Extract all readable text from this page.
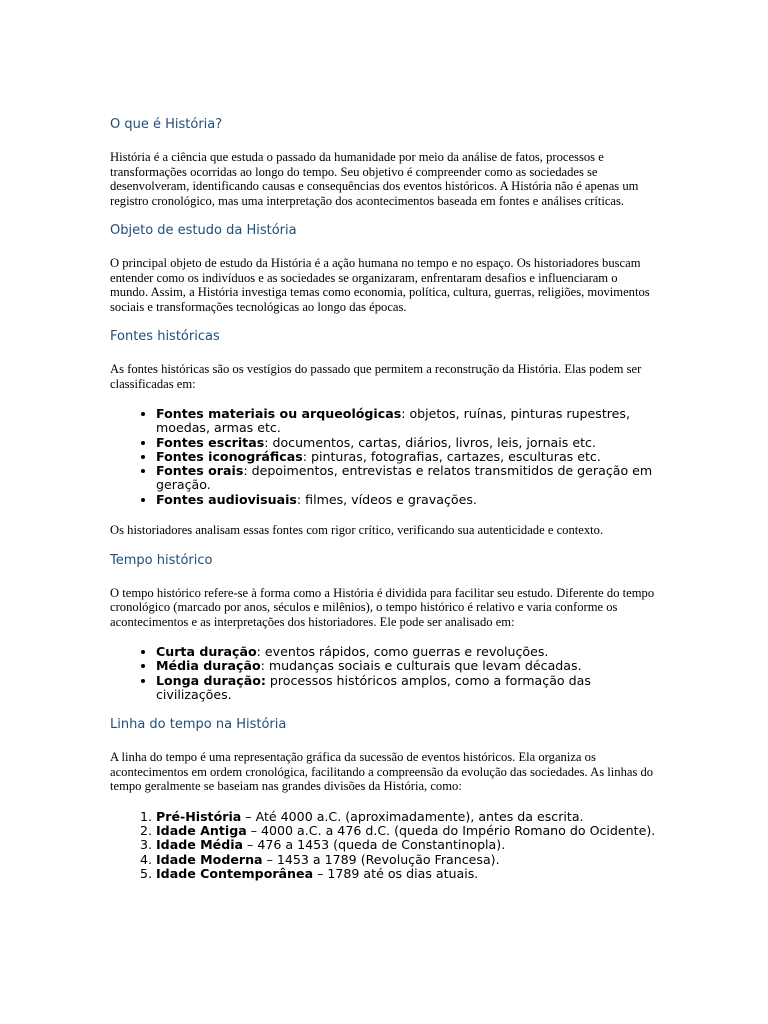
O que é História?

História é a ciência que estuda o passado da humanidade por meio da análise de fatos, processos e transformações ocorridas ao longo do tempo. Seu objetivo é compreender como as sociedades se desenvolveram, identificando causas e consequências dos eventos históricos. A História não é apenas um registro cronológico, mas uma interpretação dos acontecimentos baseada em fontes e análises críticas.

Objeto de estudo da História

O principal objeto de estudo da História é a ação humana no tempo e no espaço. Os historiadores buscam entender como os indivíduos e as sociedades se organizaram, enfrentaram desafios e influenciaram o mundo. Assim, a História investiga temas como economia, política, cultura, guerras, religiões, movimentos sociais e transformações tecnológicas ao longo das épocas.

Fontes históricas

As fontes históricas são os vestígios do passado que permitem a reconstrução da História. Elas podem ser classificadas em:

• Fontes materiais ou arqueológicas: objetos, ruínas, pinturas rupestres, moedas, armas etc.
• Fontes escritas: documentos, cartas, diários, livros, leis, jornais etc.
• Fontes iconográficas: pinturas, fotografias, cartazes, esculturas etc.
• Fontes orais: depoimentos, entrevistas e relatos transmitidos de geração em geração.
• Fontes audiovisuais: filmes, vídeos e gravações.

Os historiadores analisam essas fontes com rigor crítico, verificando sua autenticidade e contexto.

Tempo histórico

O tempo histórico refere-se à forma como a História é dividida para facilitar seu estudo. Diferente do tempo cronológico (marcado por anos, séculos e milênios), o tempo histórico é relativo e varia conforme os acontecimentos e as interpretações dos historiadores. Ele pode ser analisado em:

• Curta duração: eventos rápidos, como guerras e revoluções.
• Média duração: mudanças sociais e culturais que levam décadas.
• Longa duração: processos históricos amplos, como a formação das civilizações.
Linha do tempo na História

A linha do tempo é uma representação gráfica da sucessão de eventos históricos. Ela organiza os acontecimentos em ordem cronológica, facilitando a compreensão da evolução das sociedades. As linhas do tempo geralmente se baseiam nas grandes divisões da História, como:

1. Pré-História – Até 4000 a.C. (aproximadamente), antes da escrita.
2. Idade Antiga – 4000 a.C. a 476 d.C. (queda do Império Romano do Ocidente).
3. Idade Média – 476 a 1453 (queda de Constantinopla).
4. Idade Moderna – 1453 a 1789 (Revolução Francesa).
5. Idade Contemporânea – 1789 até os dias atuais.
